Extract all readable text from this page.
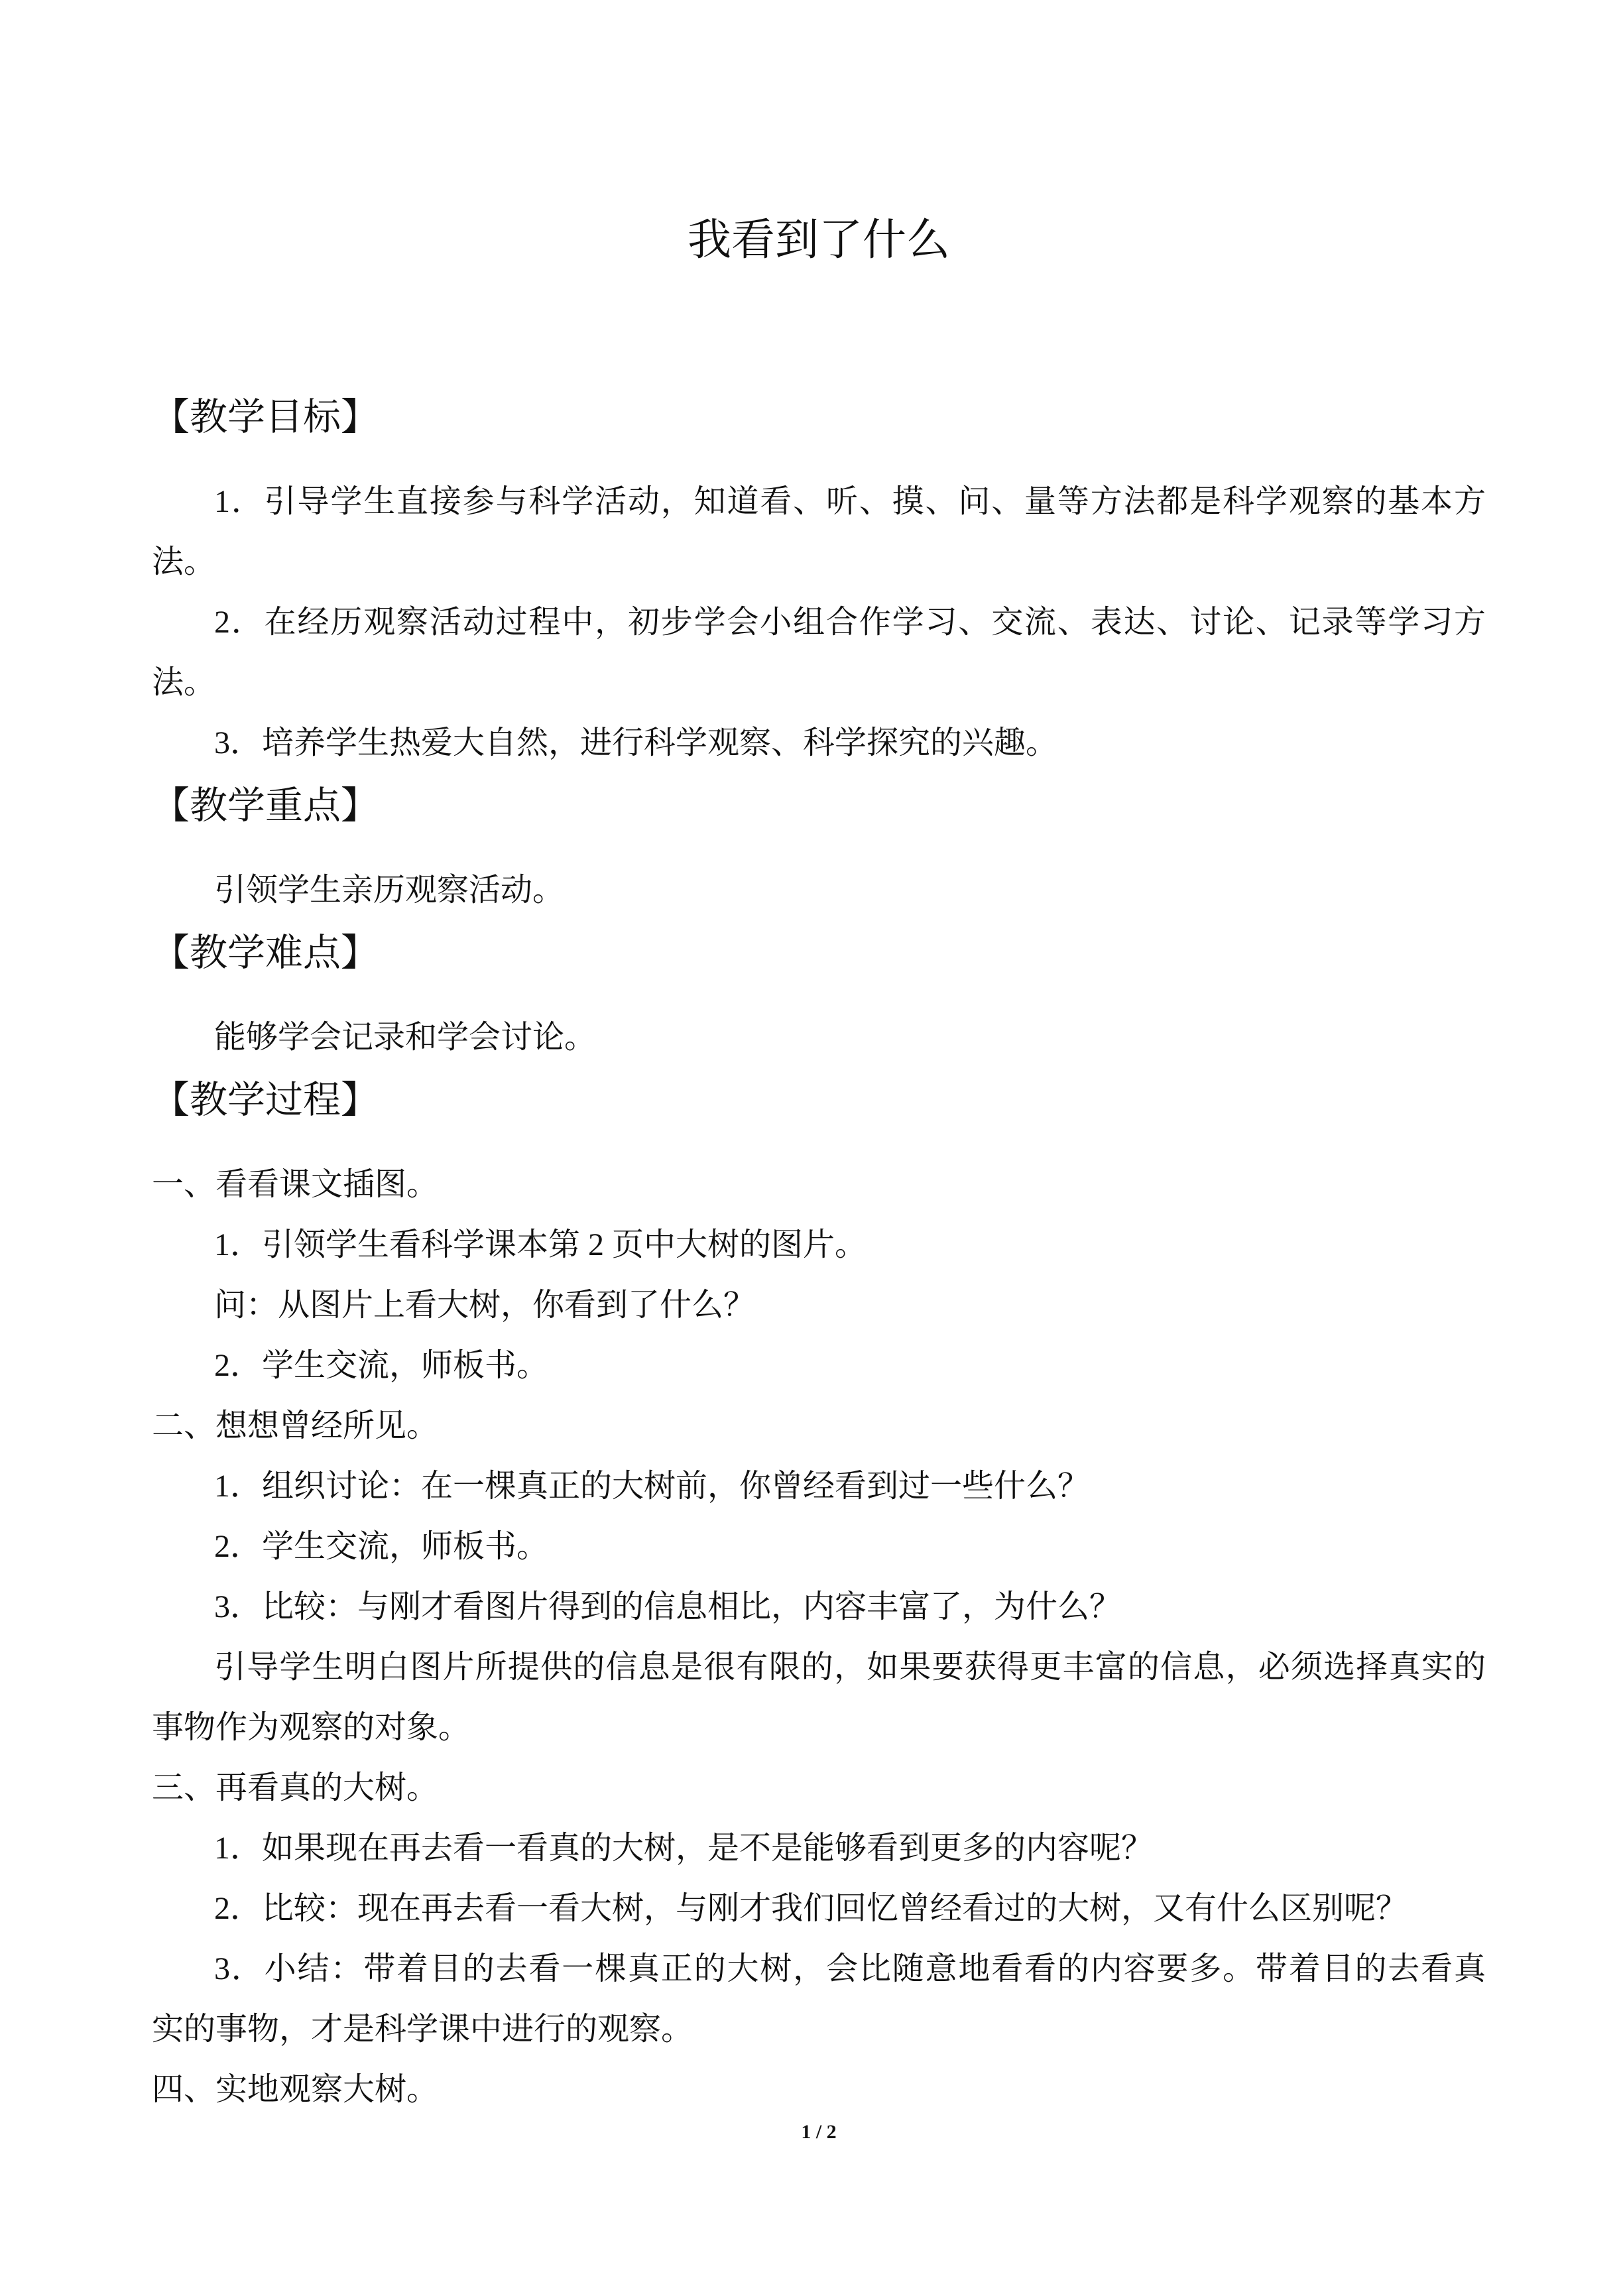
我看到了什么
【教学目标】
1．引导学生直接参与科学活动，知道看、听、摸、问、量等方法都是科学观察的基本方
法。
2．在经历观察活动过程中，初步学会小组合作学习、交流、表达、讨论、记录等学习方
法。
3．培养学生热爱大自然，进行科学观察、科学探究的兴趣。
【教学重点】
引领学生亲历观察活动。
【教学难点】
能够学会记录和学会讨论。
【教学过程】
一、看看课文插图。
1．引领学生看科学课本第 2 页中大树的图片。
问：从图片上看大树，你看到了什么？
2．学生交流，师板书。
二、想想曾经所见。
1．组织讨论：在一棵真正的大树前，你曾经看到过一些什么？
2．学生交流，师板书。
3．比较：与刚才看图片得到的信息相比，内容丰富了，为什么？
引导学生明白图片所提供的信息是很有限的，如果要获得更丰富的信息，必须选择真实的
事物作为观察的对象。
三、再看真的大树。
1．如果现在再去看一看真的大树，是不是能够看到更多的内容呢？
2．比较：现在再去看一看大树，与刚才我们回忆曾经看过的大树，又有什么区别呢？
3．小结：带着目的去看一棵真正的大树，会比随意地看看的内容要多。带着目的去看真
实的事物，才是科学课中进行的观察。
四、实地观察大树。
1 / 2
